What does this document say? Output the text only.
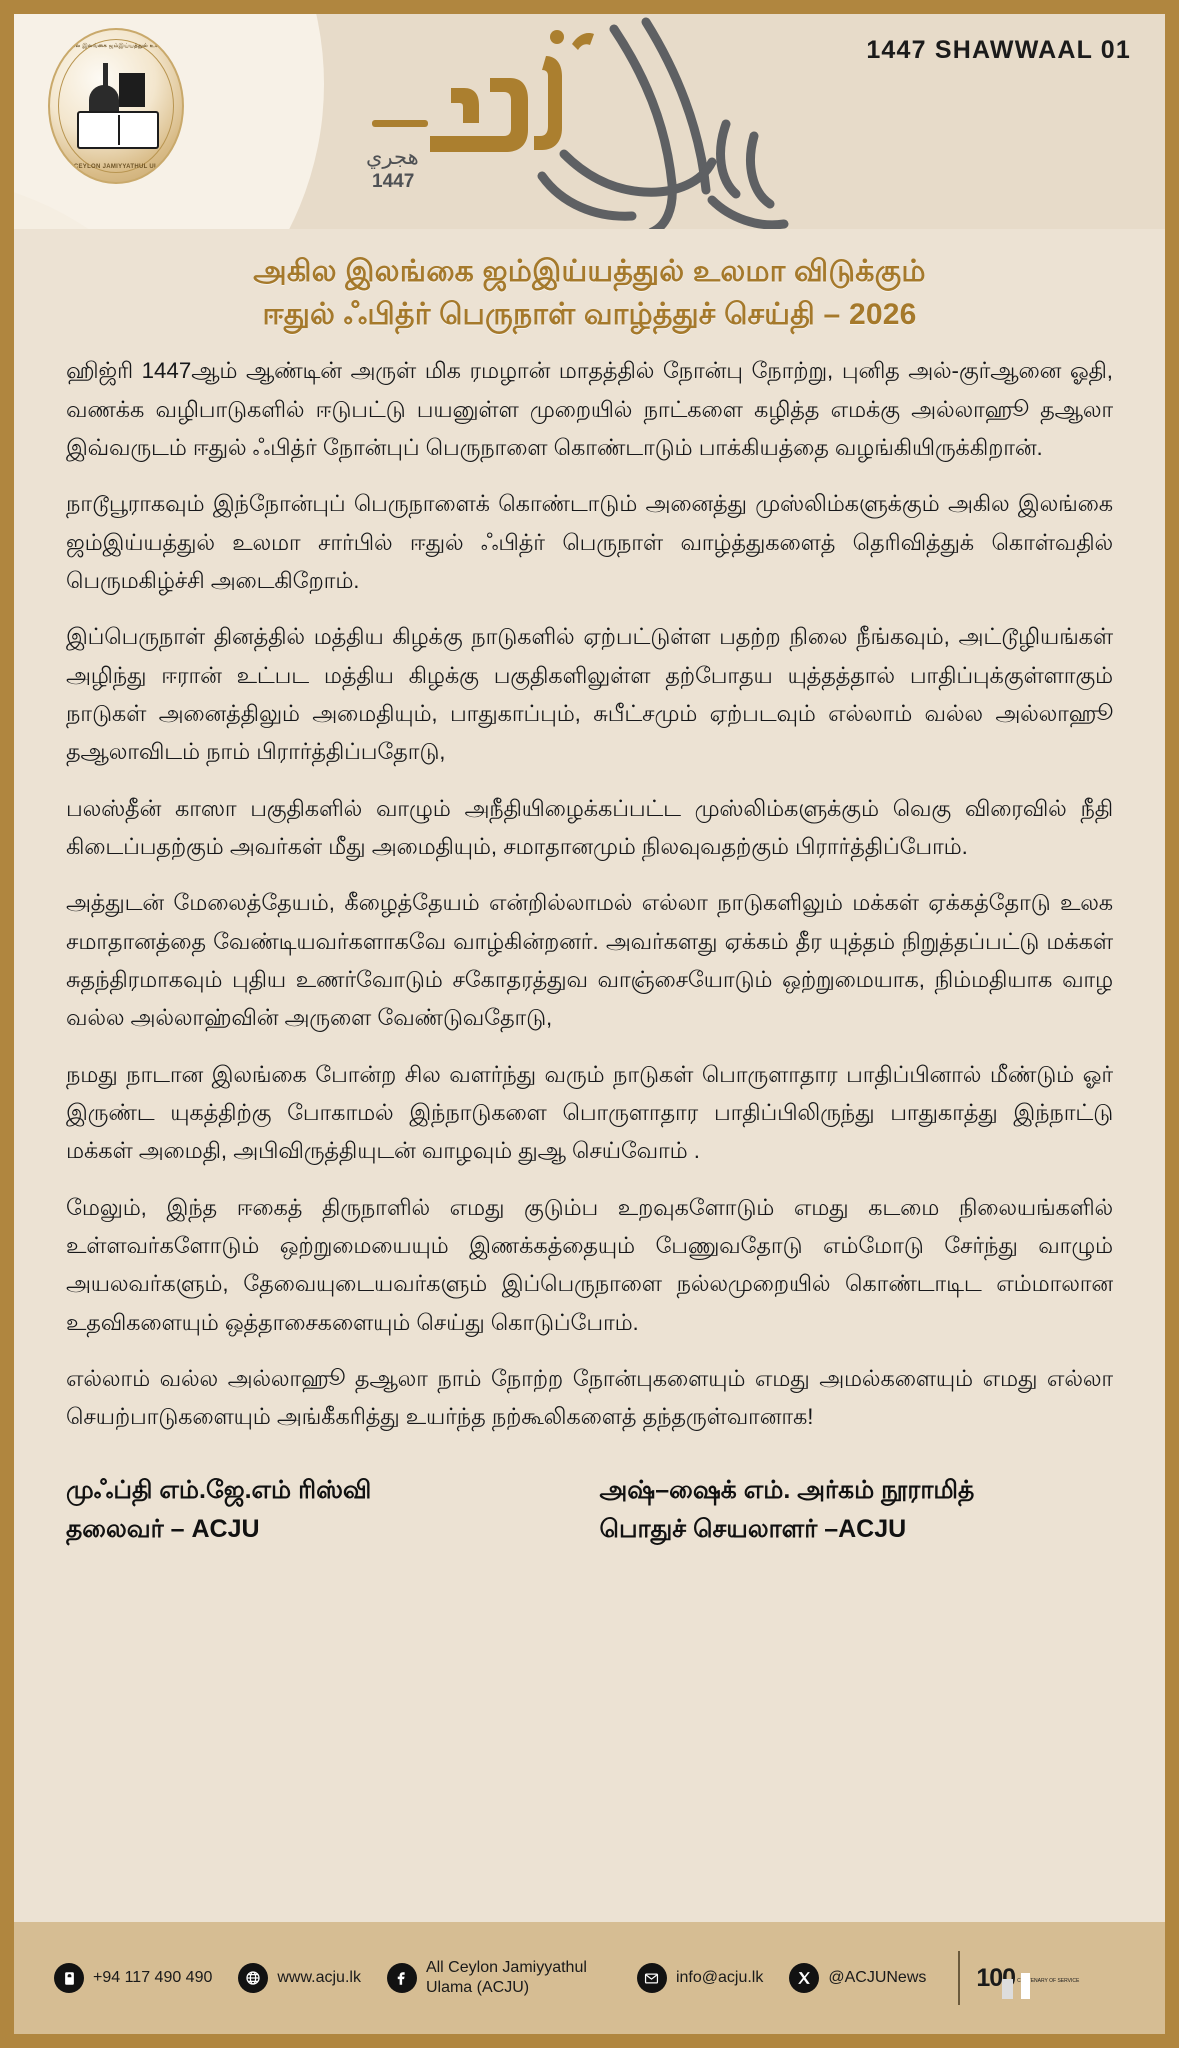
அகில இலங்கை ஜம்இய்யத்துல் உலமா
ALL CEYLON JAMIYYATHUL ULAMA	هجري
1447
1447 SHAWWAAL 01
அகில இலங்கை ஜம்இய்யத்துல் உலமா விடுக்கும்
ஈதுல் ஃபித்ர் பெருநாள் வாழ்த்துச் செய்தி – 2026

ஹிஜ்ரி 1447ஆம் ஆண்டின் அருள் மிக ரமழான் மாதத்தில் நோன்பு நோற்று, புனித அல்-குர்ஆனை ஓதி, வணக்க வழிபாடுகளில் ஈடுபட்டு பயனுள்ள முறையில் நாட்களை கழித்த எமக்கு அல்லாஹூ தஆலா இவ்வருடம் ஈதுல் ஃபித்ர் நோன்புப் பெருநாளை கொண்டாடும் பாக்கியத்தை வழங்கியிருக்கிறான்.

நாடூபூராகவும் இந்நோன்புப் பெருநாளைக் கொண்டாடும் அனைத்து முஸ்லிம்களுக்கும் அகில இலங்கை ஜம்இய்யத்துல் உலமா சார்பில் ஈதுல் ஃபித்ர் பெருநாள் வாழ்த்துகளைத் தெரிவித்துக் கொள்வதில் பெருமகிழ்ச்சி அடைகிறோம்.

இப்பெருநாள் தினத்தில் மத்திய கிழக்கு நாடுகளில் ஏற்பட்டுள்ள பதற்ற நிலை நீங்கவும், அட்டூழியங்கள் அழிந்து ஈரான் உட்பட மத்திய கிழக்கு பகுதிகளிலுள்ள தற்போதய யுத்தத்தால் பாதிப்புக்குள்ளாகும் நாடுகள் அனைத்திலும் அமைதியும், பாதுகாப்பும், சுபீட்சமும் ஏற்படவும் எல்லாம் வல்ல அல்லாஹூ தஆலாவிடம் நாம் பிரார்த்திப்பதோடு,

பலஸ்தீன் காஸா பகுதிகளில் வாழும் அநீதியிழைக்கப்பட்ட முஸ்லிம்களுக்கும் வெகு விரைவில் நீதி கிடைப்பதற்கும் அவர்கள் மீது அமைதியும், சமாதானமும் நிலவுவதற்கும் பிரார்த்திப்போம்.

அத்துடன் மேலைத்தேயம், கீழைத்தேயம் என்றில்லாமல் எல்லா நாடுகளிலும் மக்கள் ஏக்கத்தோடு உலக சமாதானத்தை வேண்டியவர்களாகவே வாழ்கின்றனர். அவர்களது ஏக்கம் தீர யுத்தம் நிறுத்தப்பட்டு மக்கள் சுதந்திரமாகவும் புதிய உணர்வோடும் சகோதரத்துவ வாஞ்சையோடும் ஒற்றுமையாக, நிம்மதியாக வாழ வல்ல அல்லாஹ்வின் அருளை வேண்டுவதோடு,

நமது நாடான இலங்கை போன்ற சில வளர்ந்து வரும் நாடுகள் பொருளாதார பாதிப்பினால் மீண்டும் ஓர் இருண்ட யுகத்திற்கு போகாமல் இந்நாடுகளை பொருளாதார பாதிப்பிலிருந்து பாதுகாத்து இந்நாட்டு மக்கள் அமைதி, அபிவிருத்தியுடன் வாழவும் துஆ செய்வோம் .

மேலும், இந்த ஈகைத் திருநாளில் எமது குடும்ப உறவுகளோடும் எமது கடமை நிலையங்களில் உள்ளவர்களோடும் ஒற்றுமையையும் இணக்கத்தையும் பேணுவதோடு எம்மோடு சேர்ந்து வாழும் அயலவர்களும், தேவையுடையவர்களும் இப்பெருநாளை நல்லமுறையில் கொண்டாடிட எம்மாலான உதவிகளையும் ஒத்தாசைகளையும் செய்து கொடுப்போம்.

எல்லாம் வல்ல அல்லாஹூ தஆலா நாம் நோற்ற நோன்புகளையும் எமது அமல்களையும் எமது எல்லா செயற்பாடுகளையும் அங்கீகரித்து உயர்ந்த நற்கூலிகளைத் தந்தருள்வானாக!

முஃப்தி எம்.ஜே.எம் ரிஸ்வி
தலைவர் – ACJU
அஷ்–ஷைக் எம். அர்கம் நூராமித்
பொதுச் செயலாளர் –ACJU
+94 117 490 490	www.acju.lk
All Ceylon Jamiyyathul Ulama (ACJU)
info@acju.lk	@ACJUNews 100 CENTENARY OF SERVICE
